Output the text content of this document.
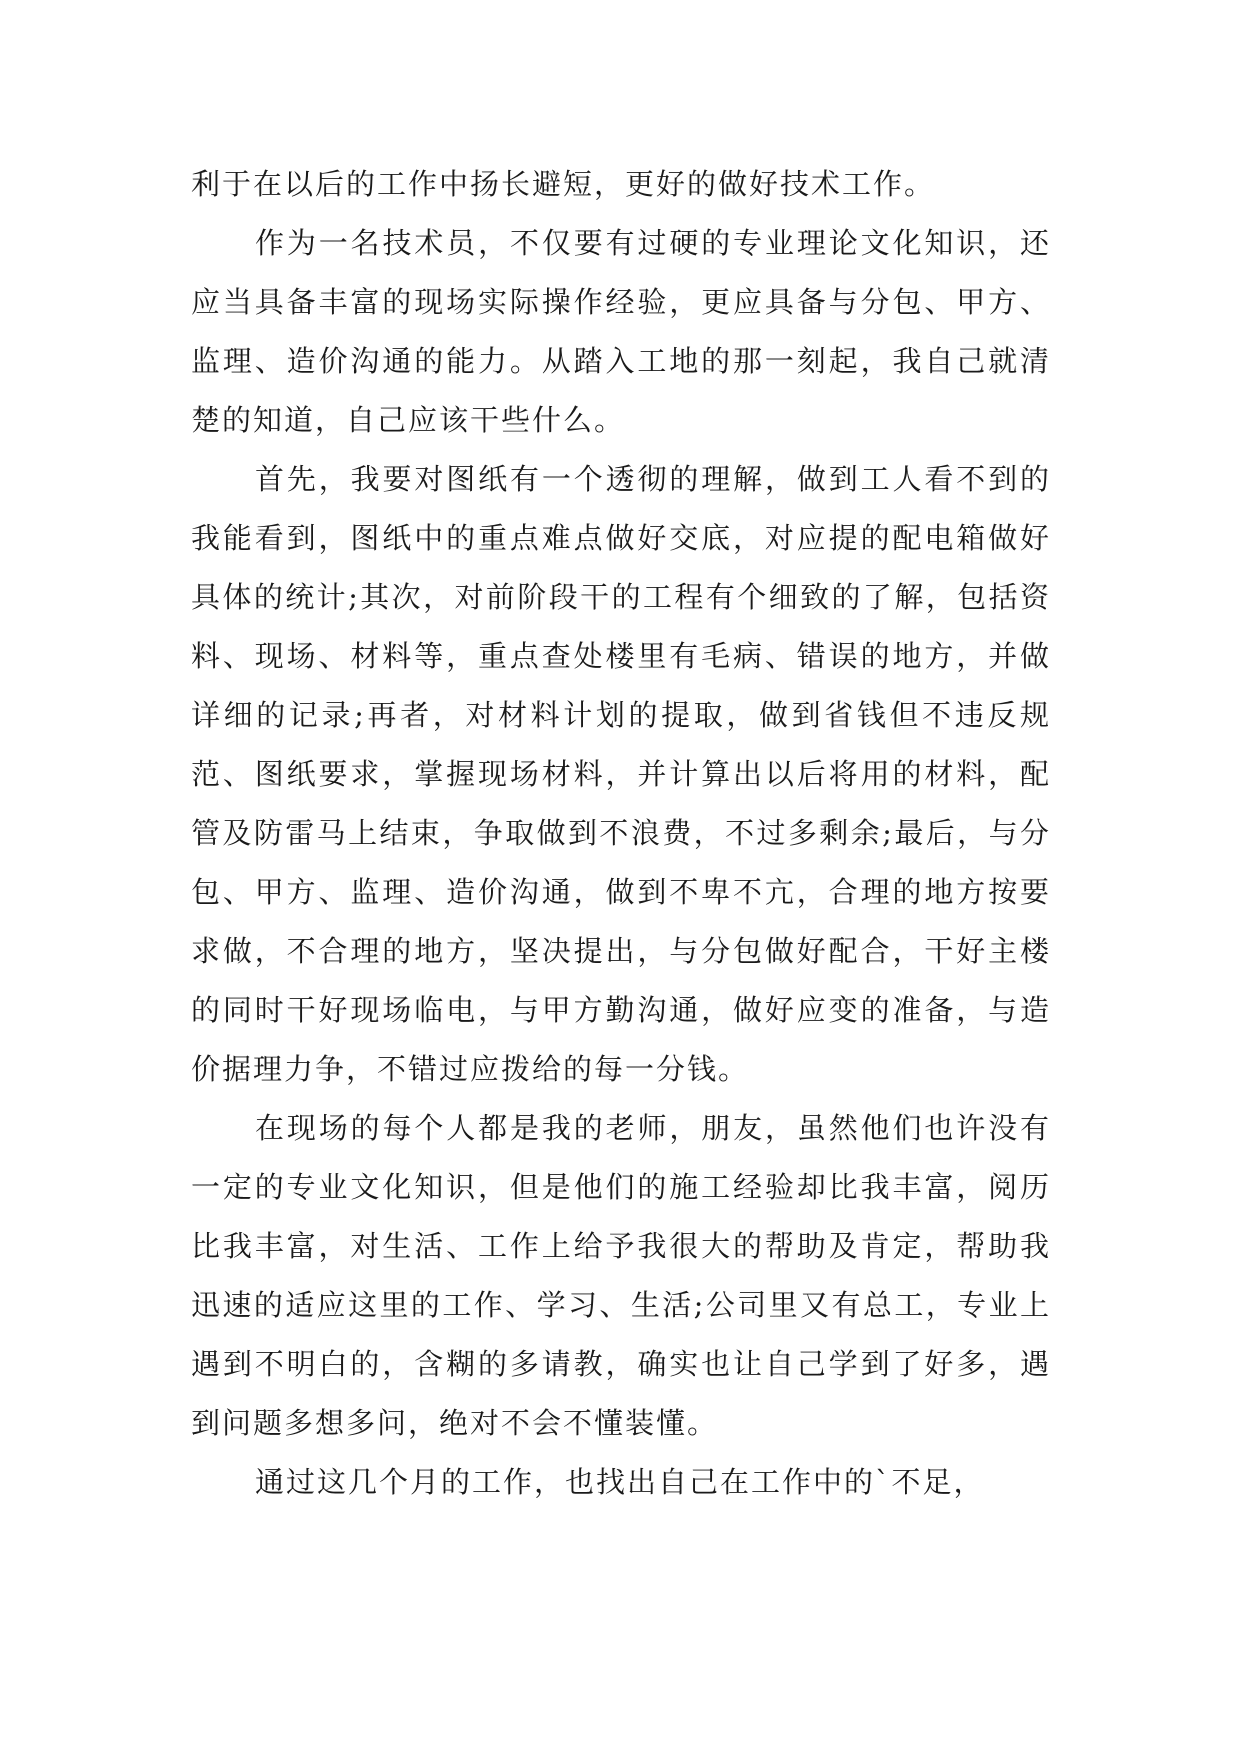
利于在以后的工作中扬长避短，更好的做好技术工作。

作为一名技术员，不仅要有过硬的专业理论文化知识，还应当具备丰富的现场实际操作经验，更应具备与分包、甲方、监理、造价沟通的能力。从踏入工地的那一刻起，我自己就清楚的知道，自己应该干些什么。

首先，我要对图纸有一个透彻的理解，做到工人看不到的我能看到，图纸中的重点难点做好交底，对应提的配电箱做好具体的统计;其次，对前阶段干的工程有个细致的了解，包括资料、现场、材料等，重点查处楼里有毛病、错误的地方，并做详细的记录;再者，对材料计划的提取，做到省钱但不违反规范、图纸要求，掌握现场材料，并计算出以后将用的材料，配管及防雷马上结束，争取做到不浪费，不过多剩余;最后，与分包、甲方、监理、造价沟通，做到不卑不亢，合理的地方按要求做，不合理的地方，坚决提出，与分包做好配合，干好主楼的同时干好现场临电，与甲方勤沟通，做好应变的准备，与造价据理力争，不错过应拨给的每一分钱。

在现场的每个人都是我的老师，朋友，虽然他们也许没有一定的专业文化知识，但是他们的施工经验却比我丰富，阅历比我丰富，对生活、工作上给予我很大的帮助及肯定，帮助我迅速的适应这里的工作、学习、生活;公司里又有总工，专业上遇到不明白的，含糊的多请教，确实也让自己学到了好多，遇到问题多想多问，绝对不会不懂装懂。

通过这几个月的工作，也找出自己在工作中的`不足，
